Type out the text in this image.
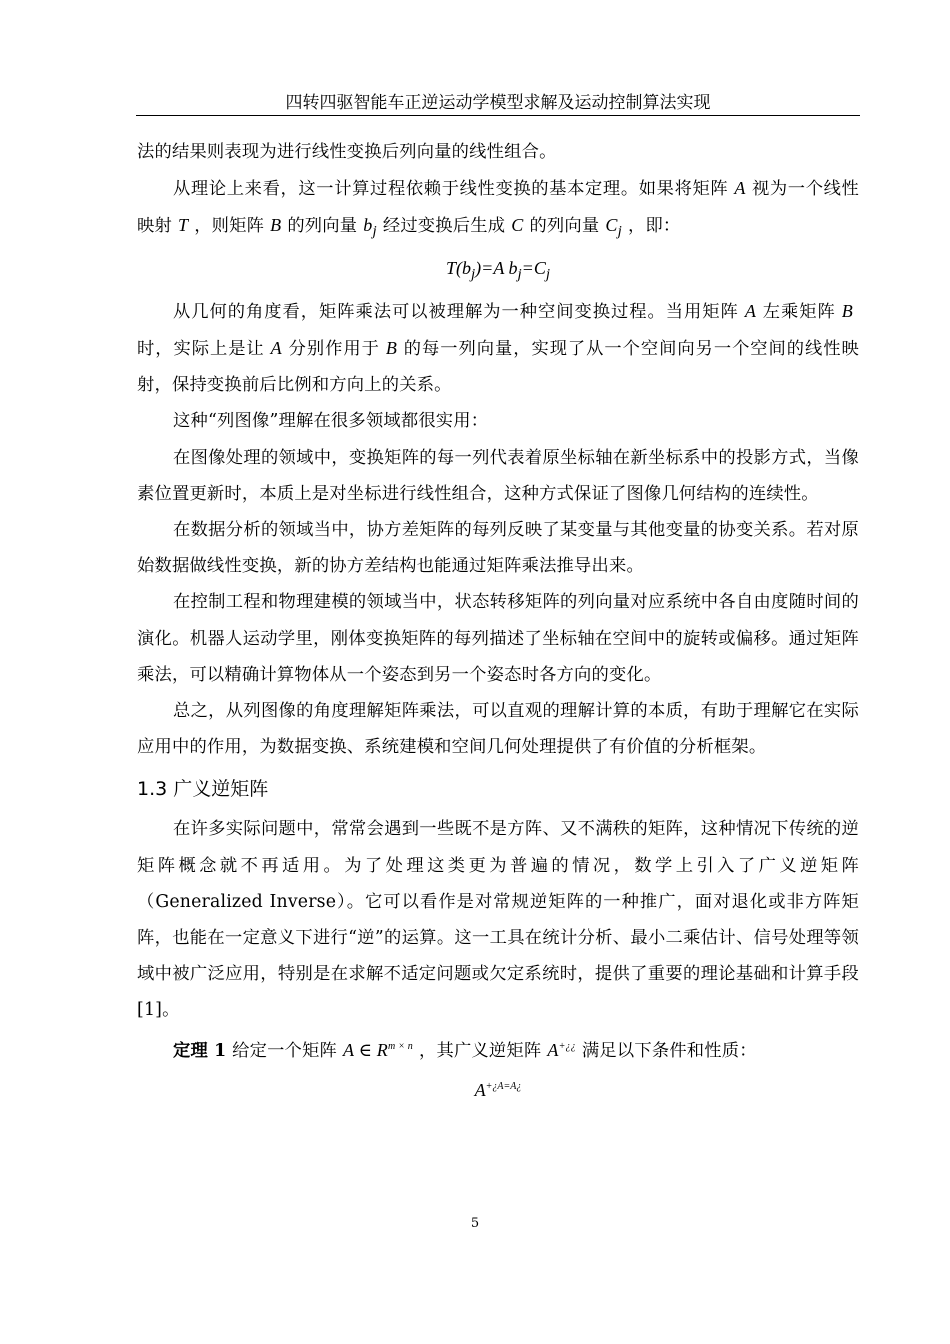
四转四驱智能车正逆运动学模型求解及运动控制算法实现

法的结果则表现为进行线性变换后列向量的线性组合。

从理论上来看，这一计算过程依赖于线性变换的基本定理。如果将矩阵 A 视为一个线性映射 T ，则矩阵 B 的列向量 $b_j$ 经过变换后生成 C 的列向量 $C_j$ ，即：

$T(b_j)=A$ $b_j=C_j$

从几何的角度看，矩阵乘法可以被理解为一种空间变换过程。当用矩阵 A 左乘矩阵 B时，实际上是让 A 分别作用于 B 的每一列向量，实现了从一个空间向另一个空间的线性映射，保持变换前后比例和方向上的关系。

这种“列图像”理解在很多领域都很实用：

在图像处理的领域中，变换矩阵的每一列代表着原坐标轴在新坐标系中的投影方式，当像素位置更新时，本质上是对坐标进行线性组合，这种方式保证了图像几何结构的连续性。

在数据分析的领域当中，协方差矩阵的每列反映了某变量与其他变量的协变关系。若对原始数据做线性变换，新的协方差结构也能通过矩阵乘法推导出来。

在控制工程和物理建模的领域当中，状态转移矩阵的列向量对应系统中各自由度随时间的演化。机器人运动学里，刚体变换矩阵的每列描述了坐标轴在空间中的旋转或偏移。通过矩阵乘法，可以精确计算物体从一个姿态到另一个姿态时各方向的变化。

总之，从列图像的角度理解矩阵乘法，可以直观的理解计算的本质，有助于理解它在实际应用中的作用，为数据变换、系统建模和空间几何处理提供了有价值的分析框架。

1.3 广义逆矩阵

在许多实际问题中，常常会遇到一些既不是方阵、又不满秩的矩阵，这种情况下传统的逆矩阵概念就不再适用。为了处理这类更为普遍的情况，数学上引入了广义逆矩阵（Generalized Inverse）。它可以看作是对常规逆矩阵的一种推广，面对退化或非方阵矩阵，也能在一定意义下进行“逆”的运算。这一工具在统计分析、最小二乘估计、信号处理等领域中被广泛应用，特别是在求解不适定问题或欠定系统时，提供了重要的理论基础和计算手段[1]。

定理 1 给定一个矩阵 A ∈ $R^{m \times n}$ ，其广义逆矩阵 A+¿¿ 满足以下条件和性质：

$A^{+¿A=A¿}$

5
